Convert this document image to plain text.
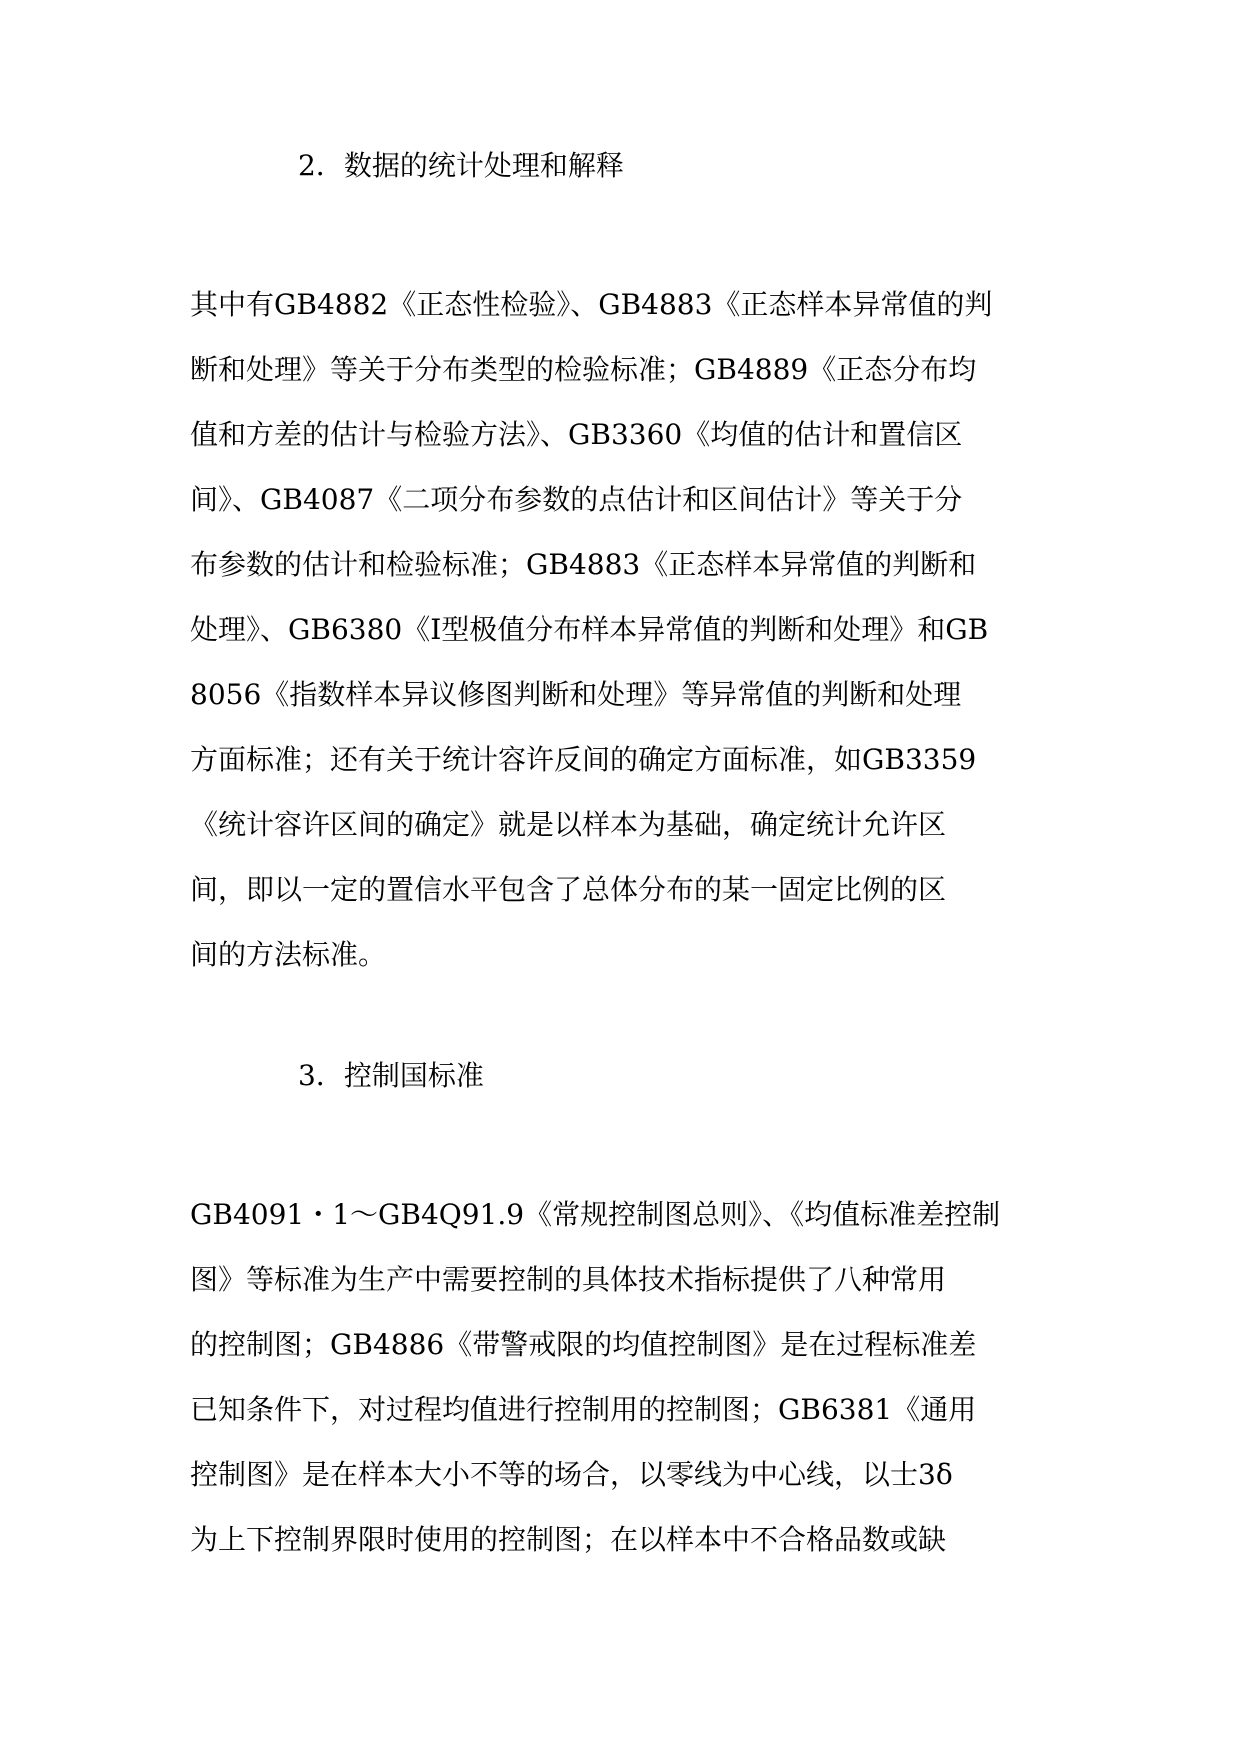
2．数据的统计处理和解释
其中有GB4882《正态性检验》、GB4883《正态样本异常值的判
断和处理》等关于分布类型的检验标准；GB4889《正态分布均
值和方差的估计与检验方法》、GB3360《均值的估计和置信区
间》、GB4087《二项分布参数的点估计和区间估计》等关于分
布参数的估计和检验标准；GB4883《正态样本异常值的判断和
处理》、GB6380《I型极值分布样本异常值的判断和处理》和GB
8056《指数样本异议修图判断和处理》等异常值的判断和处理
方面标准；还有关于统计容许反间的确定方面标准，如GB3359
《统计容许区间的确定》就是以样本为基础，确定统计允许区
间，即以一定的置信水平包含了总体分布的某一固定比例的区
间的方法标准。
3．控制国标准
GB4091・1～GB4Q91.9《常规控制图总则》、《均值标准差控制
图》等标准为生产中需要控制的具体技术指标提供了八种常用
的控制图；GB4886《带警戒限的均值控制图》是在过程标准差
已知条件下，对过程均值进行控制用的控制图；GB6381《通用
控制图》是在样本大小不等的场合，以零线为中心线，以士3δ
为上下控制界限时使用的控制图；在以样本中不合格品数或缺
